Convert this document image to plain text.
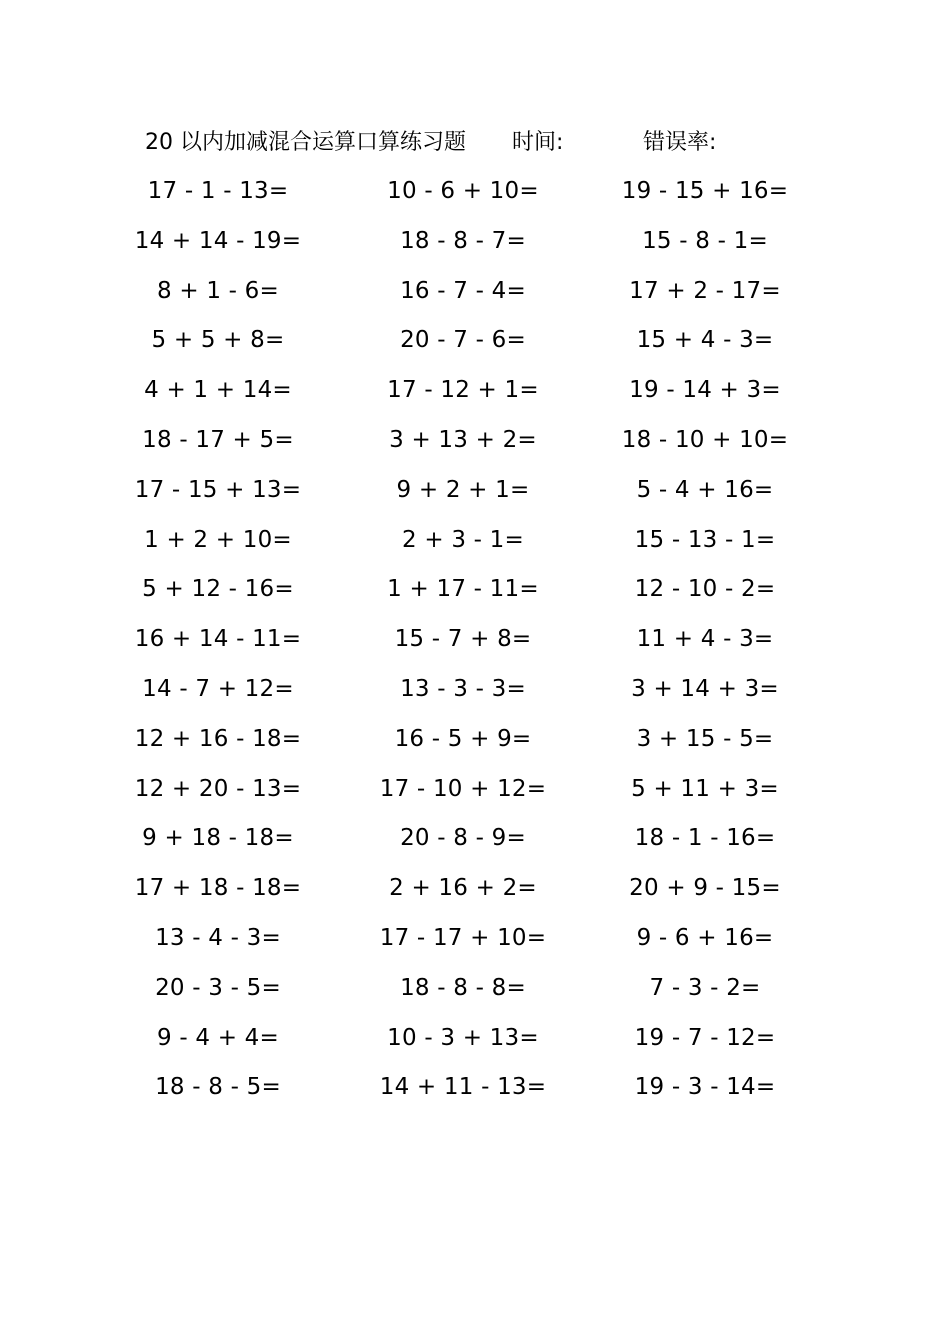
20 以内加减混合运算口算练习题 时间:	错误率:
17 - 1 - 13=	10 - 6 + 10=	19 - 15 + 16=
14 + 14 - 19=	18 - 8 - 7=	15 - 8 - 1=
8 + 1 - 6=	16 - 7 - 4=	17 + 2 - 17=
5 + 5 + 8=	20 - 7 - 6=	15 + 4 - 3=
4 + 1 + 14=	17 - 12 + 1=	19 - 14 + 3=
18 - 17 + 5=	3 + 13 + 2=	18 - 10 + 10=
17 - 15 + 13=	9 + 2 + 1=	5 - 4 + 16=
1 + 2 + 10=	2 + 3 - 1=	15 - 13 - 1=
5 + 12 - 16=	1 + 17 - 11=	12 - 10 - 2=
16 + 14 - 11=	15 - 7 + 8=	11 + 4 - 3=
14 - 7 + 12=	13 - 3 - 3=	3 + 14 + 3=
12 + 16 - 18=	16 - 5 + 9=	3 + 15 - 5=
12 + 20 - 13=	17 - 10 + 12=	5 + 11 + 3=
9 + 18 - 18=	20 - 8 - 9=	18 - 1 - 16=
17 + 18 - 18=	2 + 16 + 2=	20 + 9 - 15=
13 - 4 - 3=	17 - 17 + 10=	9 - 6 + 16=
20 - 3 - 5=	18 - 8 - 8=	7 - 3 - 2=
9 - 4 + 4=	10 - 3 + 13=	19 - 7 - 12=
18 - 8 - 5=	14 + 11 - 13=	19 - 3 - 14=
